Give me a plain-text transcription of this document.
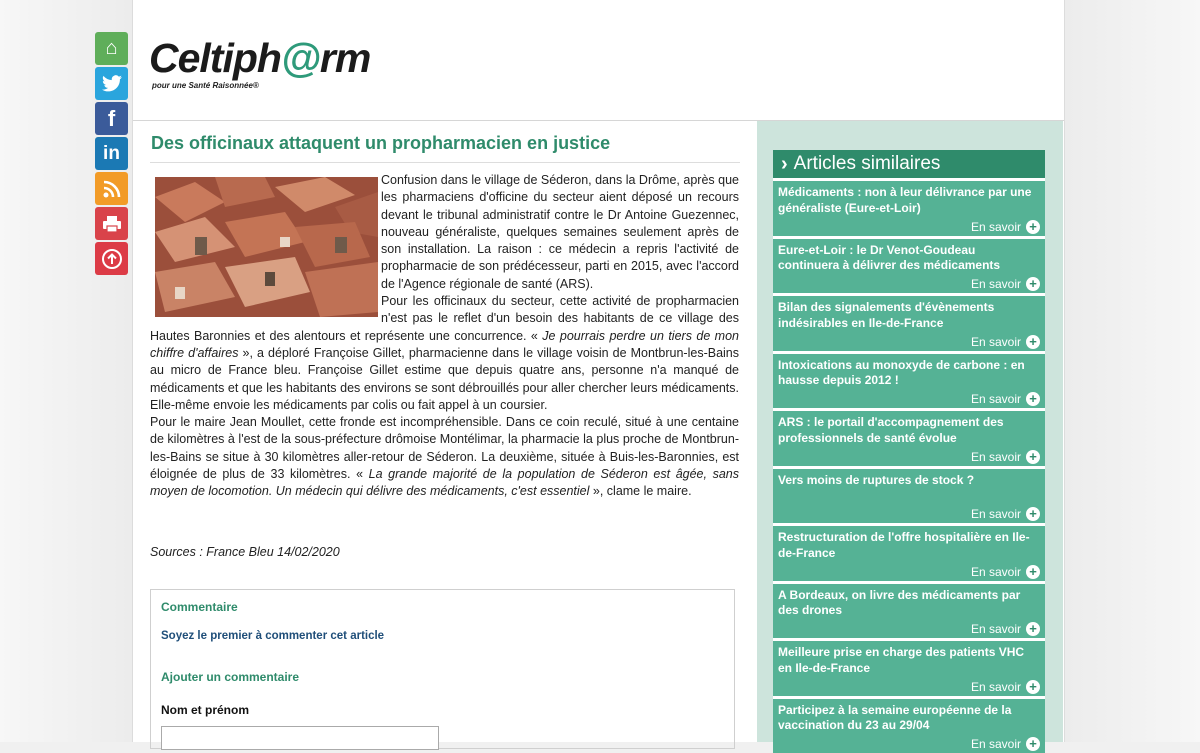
Celtiph@rm
pour une Santé Raisonnée®
⌂
f
in	Des officinaux attaquent un propharmacien en justice

Confusion dans le village de Séderon, dans la Drôme, après que les pharmaciens d'officine du secteur aient déposé un recours devant le tribunal administratif contre le Dr Antoine Guezennec, nouveau généraliste, quelques semaines seulement après de son installation. La raison : ce médecin a repris l'activité de propharmacie de son prédécesseur, parti en 2015, avec l'accord de l'Agence régionale de santé (ARS).

Pour les officinaux du secteur, cette activité de propharmacien n'est pas le reflet d'un besoin des habitants de ce village des Hautes Baronnies et des alentours et représente une concurrence. « Je pourrais perdre un tiers de mon chiffre d'affaires », a déploré Françoise Gillet, pharmacienne dans le village voisin de Montbrun-les-Bains au micro de France bleu. Françoise Gillet estime que depuis quatre ans, personne n'a manqué de médicaments et que les habitants des environs se sont débrouillés pour aller chercher leurs médicaments. Elle-même envoie les médicaments par colis ou fait appel à un coursier.

Pour le maire Jean Moullet, cette fronde est incompréhensible. Dans ce coin reculé, situé à une centaine de kilomètres à l'est de la sous-préfecture drômoise Montélimar, la pharmacie la plus proche de Montbrun-les-Bains se situe à 30 kilomètres aller-retour de Séderon. La deuxième, située à Buis-les-Baronnies, est éloignée de plus de 33 kilomètres. « La grande majorité de la population de Séderon est âgée, sans moyen de locomotion. Un médecin qui délivre des médicaments, c'est essentiel », clame le maire.

Sources : France Bleu 14/02/2020
Commentaire
Soyez le premier à commenter cet article
Ajouter un commentaire
Nom et prénom
› Articles similaires
Médicaments : non à leur délivrance par une généraliste (Eure-et-Loir)
En savoir +
Eure-et-Loir : le Dr Venot-Goudeau continuera à délivrer des médicaments
En savoir +
Bilan des signalements d'évènements indésirables en Ile-de-France
En savoir +
Intoxications au monoxyde de carbone : en hausse depuis 2012 !
En savoir +
ARS : le portail d'accompagnement des professionnels de santé évolue
En savoir +
Vers moins de ruptures de stock ?
En savoir +
Restructuration de l'offre hospitalière en Ile-de-France
En savoir +
A Bordeaux, on livre des médicaments par des drones
En savoir +
Meilleure prise en charge des patients VHC en Ile-de-France
En savoir +
Participez à la semaine européenne de la vaccination du 23 au 29/04
En savoir +
